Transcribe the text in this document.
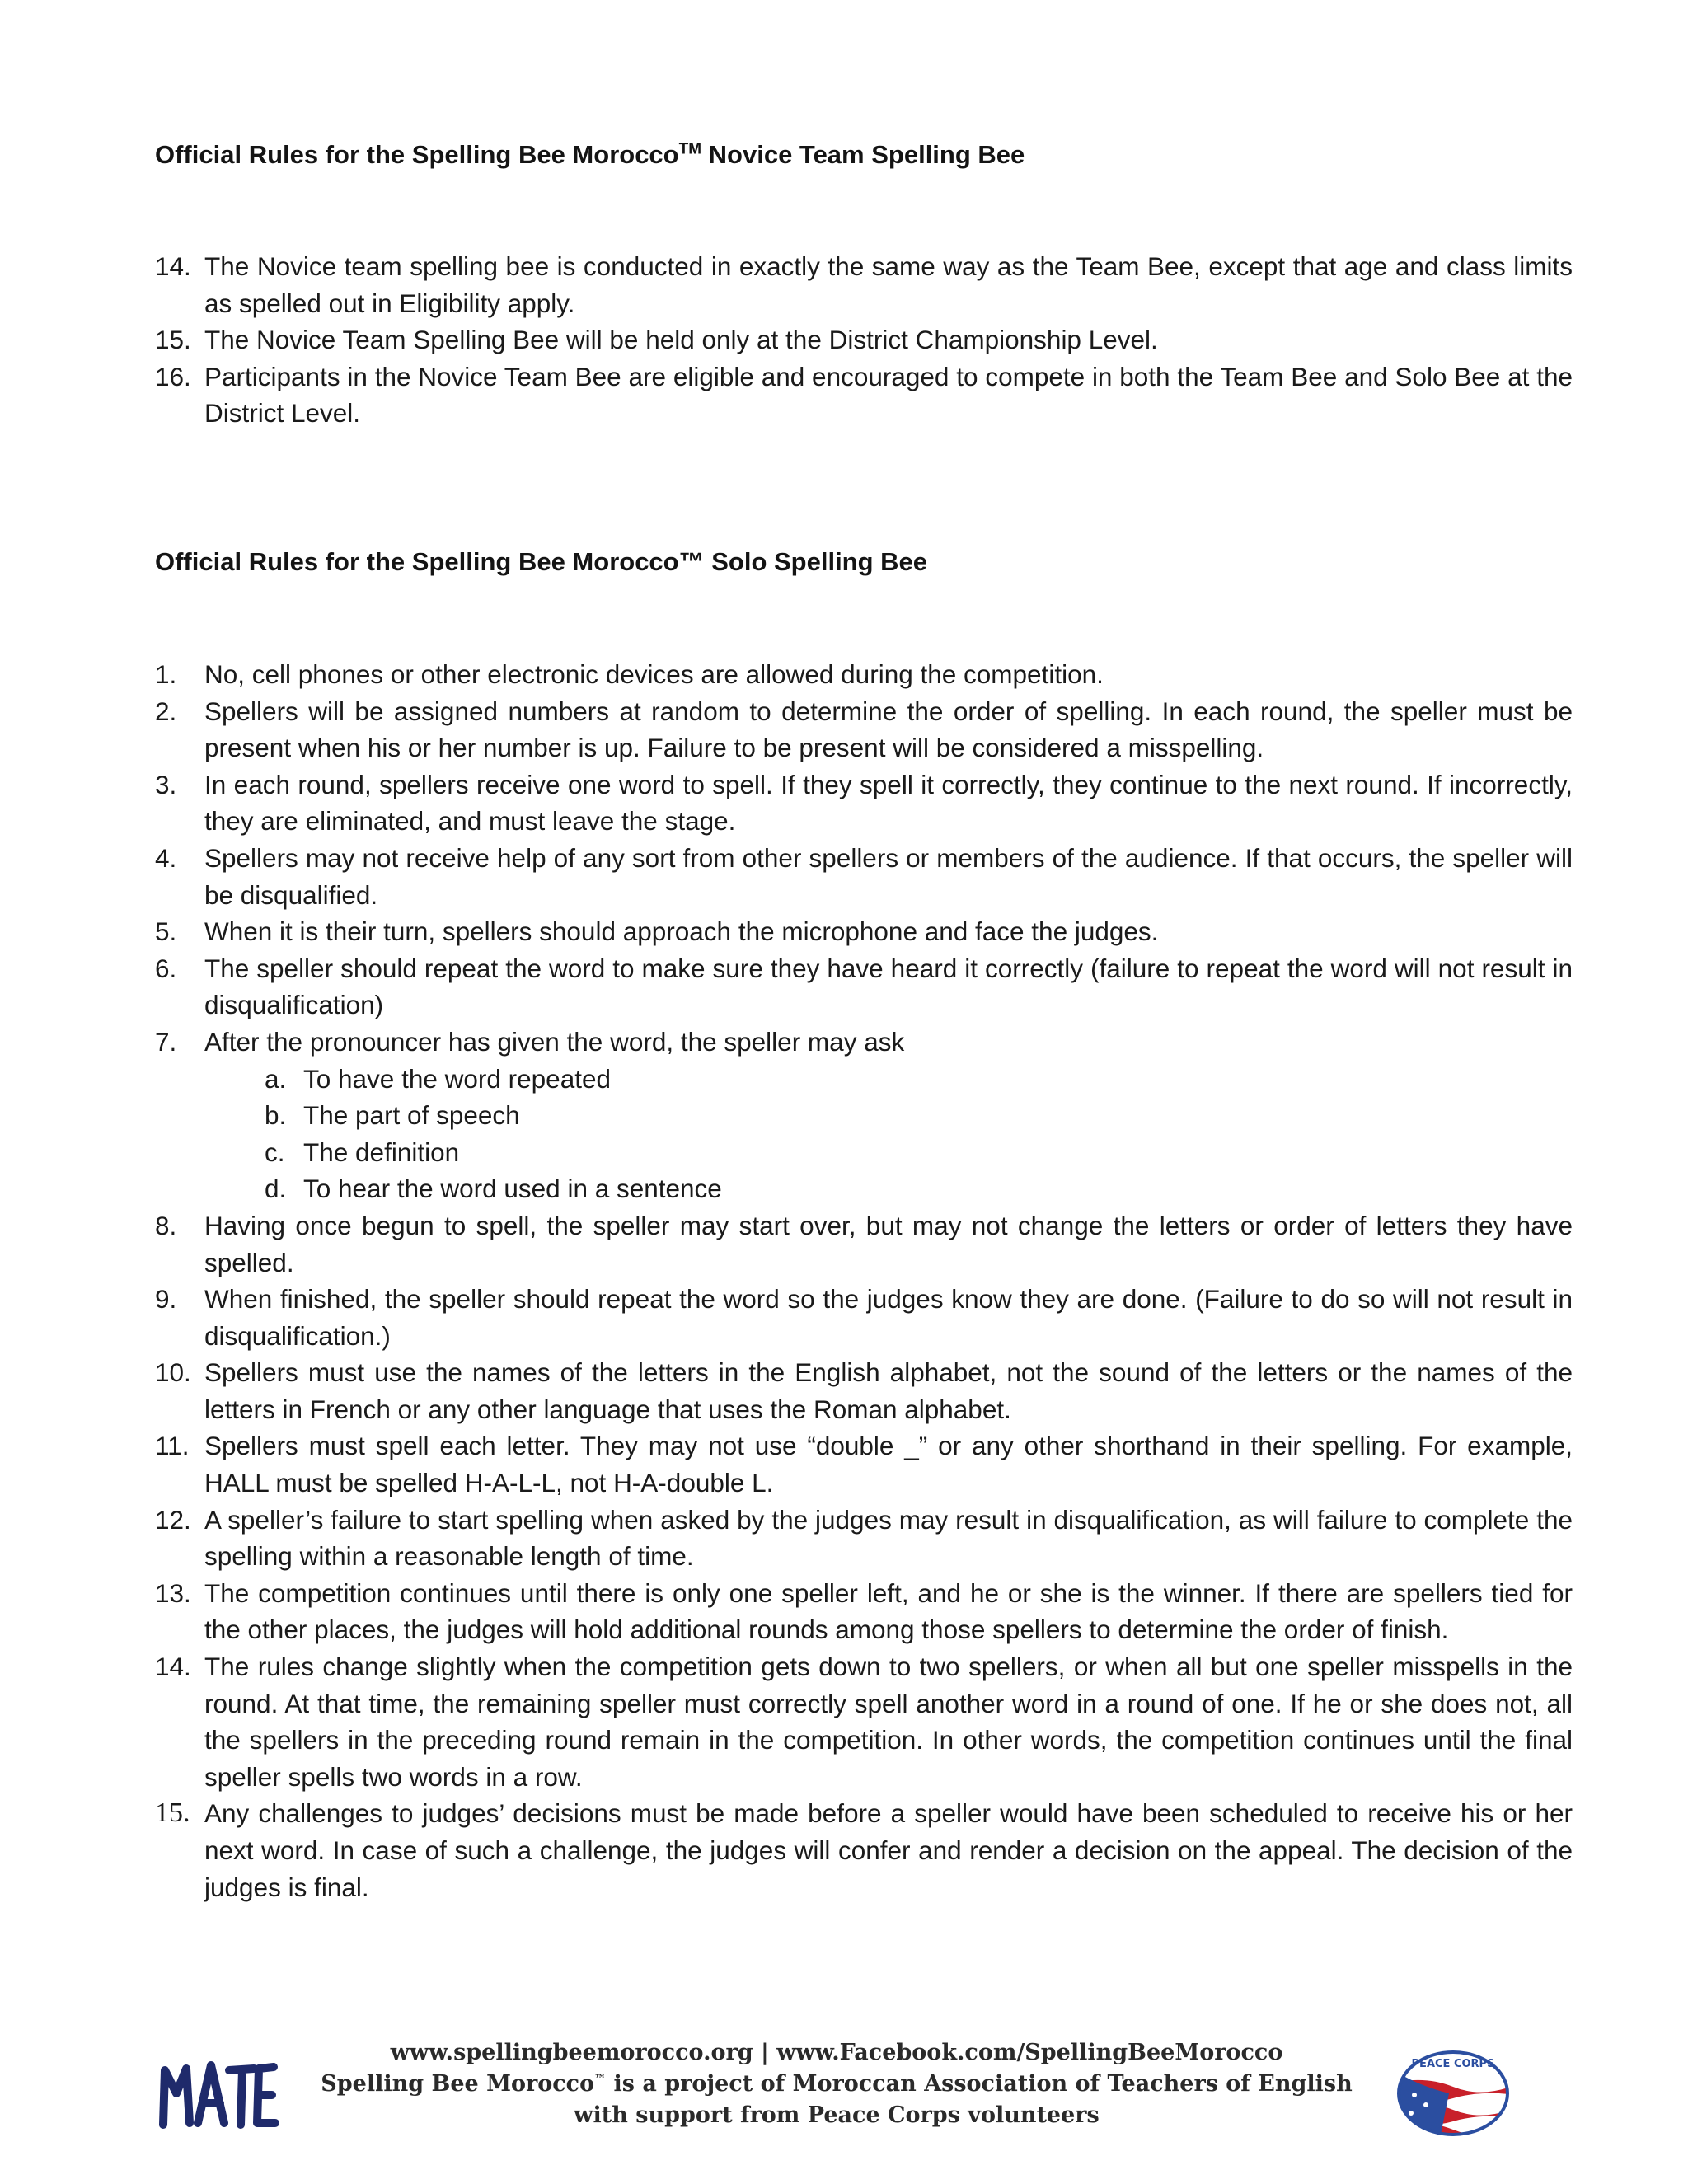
Official Rules for the Spelling Bee Morocco™ Novice Team Spelling Bee
14. The Novice team spelling bee is conducted in exactly the same way as the Team Bee, except that age and class limits as spelled out in Eligibility apply.
15. The Novice Team Spelling Bee will be held only at the District Championship Level.
16. Participants in the Novice Team Bee are eligible and encouraged to compete in both the Team Bee and Solo Bee at the District Level.
Official Rules for the Spelling Bee Morocco™ Solo Spelling Bee
1. No, cell phones or other electronic devices are allowed during the competition.
2. Spellers will be assigned numbers at random to determine the order of spelling. In each round, the speller must be present when his or her number is up. Failure to be present will be considered a misspelling.
3. In each round, spellers receive one word to spell. If they spell it correctly, they continue to the next round. If incorrectly, they are eliminated, and must leave the stage.
4. Spellers may not receive help of any sort from other spellers or members of the audience. If that occurs, the speller will be disqualified.
5. When it is their turn, spellers should approach the microphone and face the judges.
6. The speller should repeat the word to make sure they have heard it correctly (failure to repeat the word will not result in disqualification)
7. After the pronouncer has given the word, the speller may ask
a. To have the word repeated
b. The part of speech
c. The definition
d. To hear the word used in a sentence
8. Having once begun to spell, the speller may start over, but may not change the letters or order of letters they have spelled.
9. When finished, the speller should repeat the word so the judges know they are done. (Failure to do so will not result in disqualification.)
10. Spellers must use the names of the letters in the English alphabet, not the sound of the letters or the names of the letters in French or any other language that uses the Roman alphabet.
11. Spellers must spell each letter. They may not use “double _” or any other shorthand in their spelling. For example, HALL must be spelled H-A-L-L, not H-A-double L.
12. A speller’s failure to start spelling when asked by the judges may result in disqualification, as will failure to complete the spelling within a reasonable length of time.
13. The competition continues until there is only one speller left, and he or she is the winner. If there are spellers tied for the other places, the judges will hold additional rounds among those spellers to determine the order of finish.
14. The rules change slightly when the competition gets down to two spellers, or when all but one speller misspells in the round. At that time, the remaining speller must correctly spell another word in a round of one. If he or she does not, all the spellers in the preceding round remain in the competition. In other words, the competition continues until the final speller spells two words in a row.
15. Any challenges to judges’ decisions must be made before a speller would have been scheduled to receive his or her next word. In case of such a challenge, the judges will confer and render a decision on the appeal. The decision of the judges is final.
www.spellingbeemorocco.org | www.Facebook.com/SpellingBeeMorocco
Spelling Bee Morocco™ is a project of Moroccan Association of Teachers of English
with support from Peace Corps volunteers
PEACE CORPS
